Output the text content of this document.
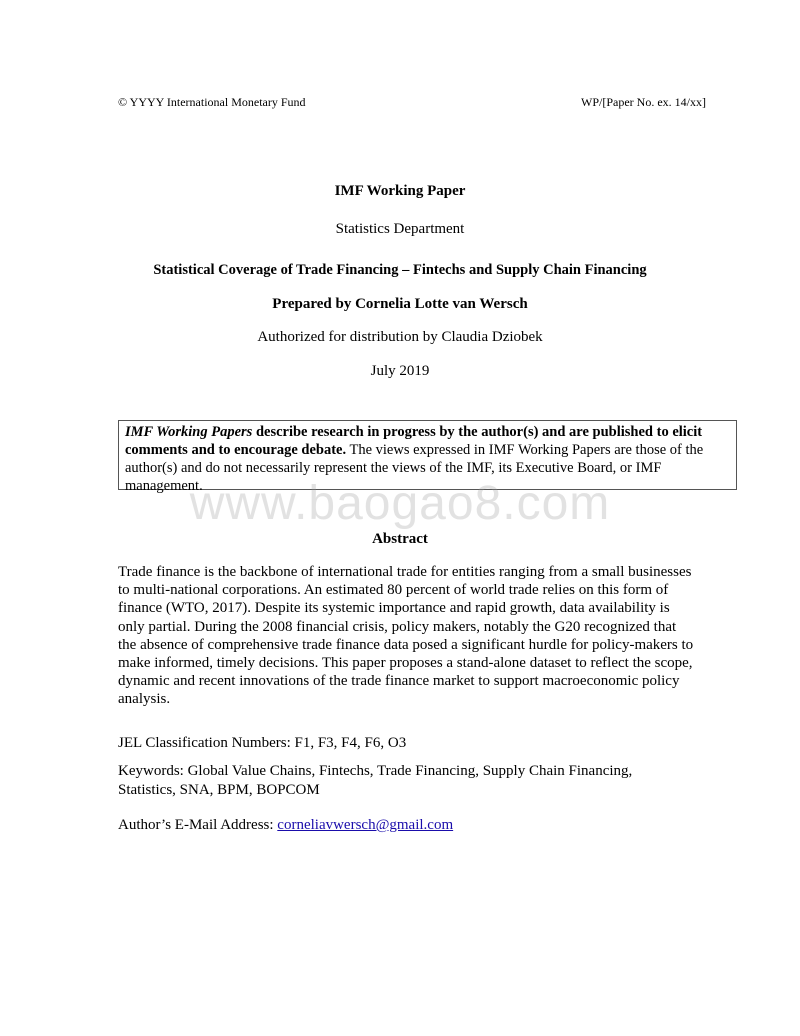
© YYYY International Monetary Fund	WP/[Paper No. ex. 14/xx]
IMF Working Paper
Statistics Department
Statistical Coverage of Trade Financing – Fintechs and Supply Chain Financing
Prepared by Cornelia Lotte van Wersch
Authorized for distribution by Claudia Dziobek
July 2019
IMF Working Papers describe research in progress by the author(s) and are published to elicit comments and to encourage debate. The views expressed in IMF Working Papers are those of the author(s) and do not necessarily represent the views of the IMF, its Executive Board, or IMF management.
www.baogao8.com
Abstract
Trade finance is the backbone of international trade for entities ranging from a small businesses to multi-national corporations. An estimated 80 percent of world trade relies on this form of finance (WTO, 2017). Despite its systemic importance and rapid growth, data availability is only partial. During the 2008 financial crisis, policy makers, notably the G20 recognized that the absence of comprehensive trade finance data posed a significant hurdle for policy-makers to make informed, timely decisions. This paper proposes a stand-alone dataset to reflect the scope, dynamic and recent innovations of the trade finance market to support macroeconomic policy analysis.
JEL Classification Numbers: F1, F3, F4, F6, O3
Keywords: Global Value Chains, Fintechs, Trade Financing, Supply Chain Financing, Statistics, SNA, BPM, BOPCOM
Author’s E-Mail Address: corneliavwersch@gmail.com
